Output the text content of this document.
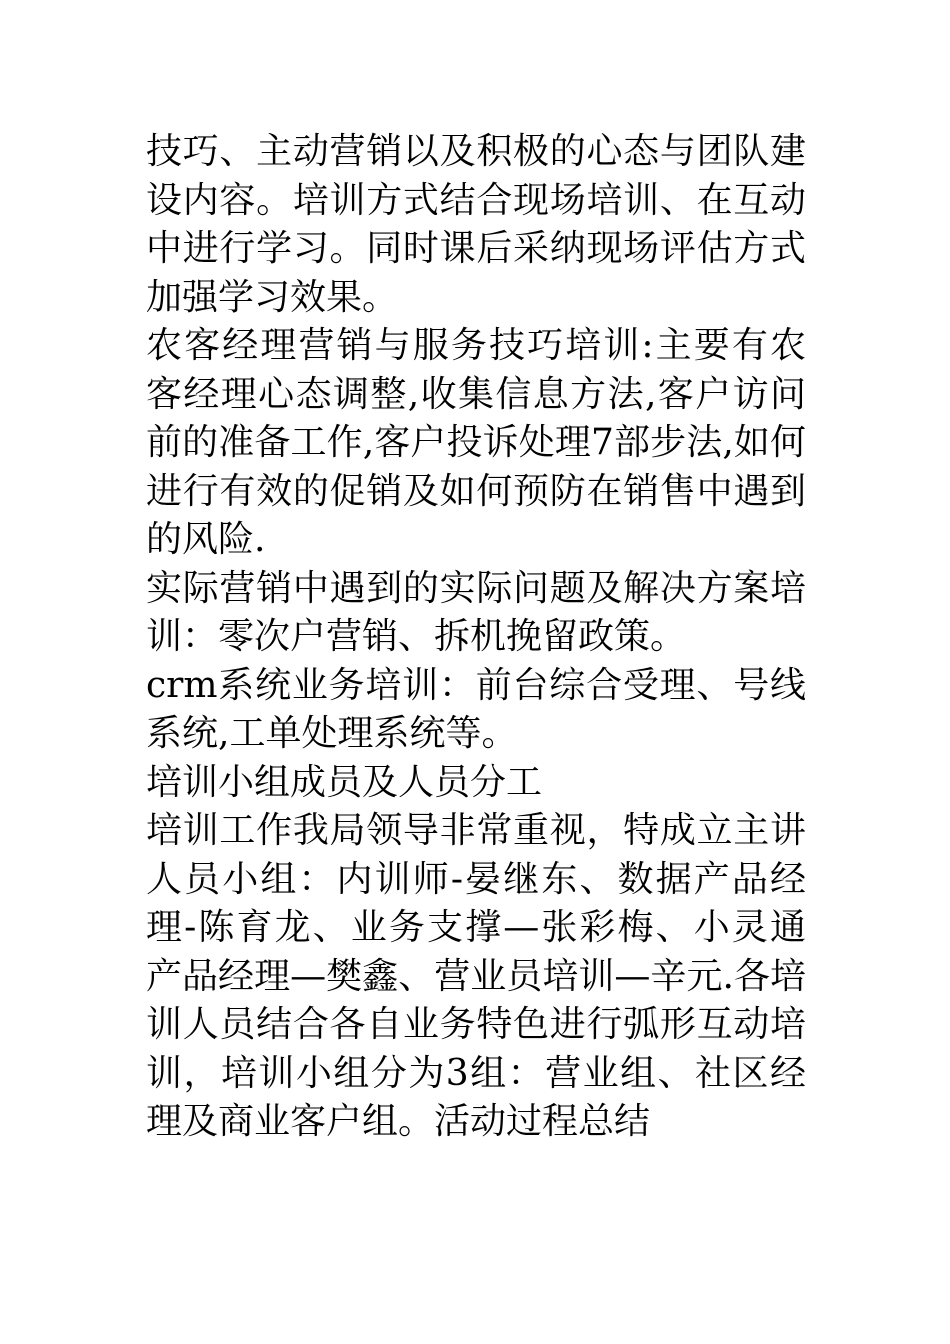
技巧、主动营销以及积极的心态与团队建设内容。培训方式结合现场培训、在互动中进行学习。同时课后采纳现场评估方式加强学习效果。

农客经理营销与服务技巧培训:主要有农客经理心态调整,收集信息方法,客户访问前的准备工作,客户投诉处理7部步法,如何进行有效的促销及如何预防在销售中遇到的风险.

实际营销中遇到的实际问题及解决方案培训：零次户营销、拆机挽留政策。

crm系统业务培训：前台综合受理、号线系统,工单处理系统等。

培训小组成员及人员分工

培训工作我局领导非常重视，特成立主讲人员小组：内训师-晏继东、数据产品经理-陈育龙、业务支撑—张彩梅、小灵通产品经理—樊鑫、营业员培训—辛元.各培训人员结合各自业务特色进行弧形互动培训，培训小组分为3组：营业组、社区经理及商业客户组。活动过程总结
